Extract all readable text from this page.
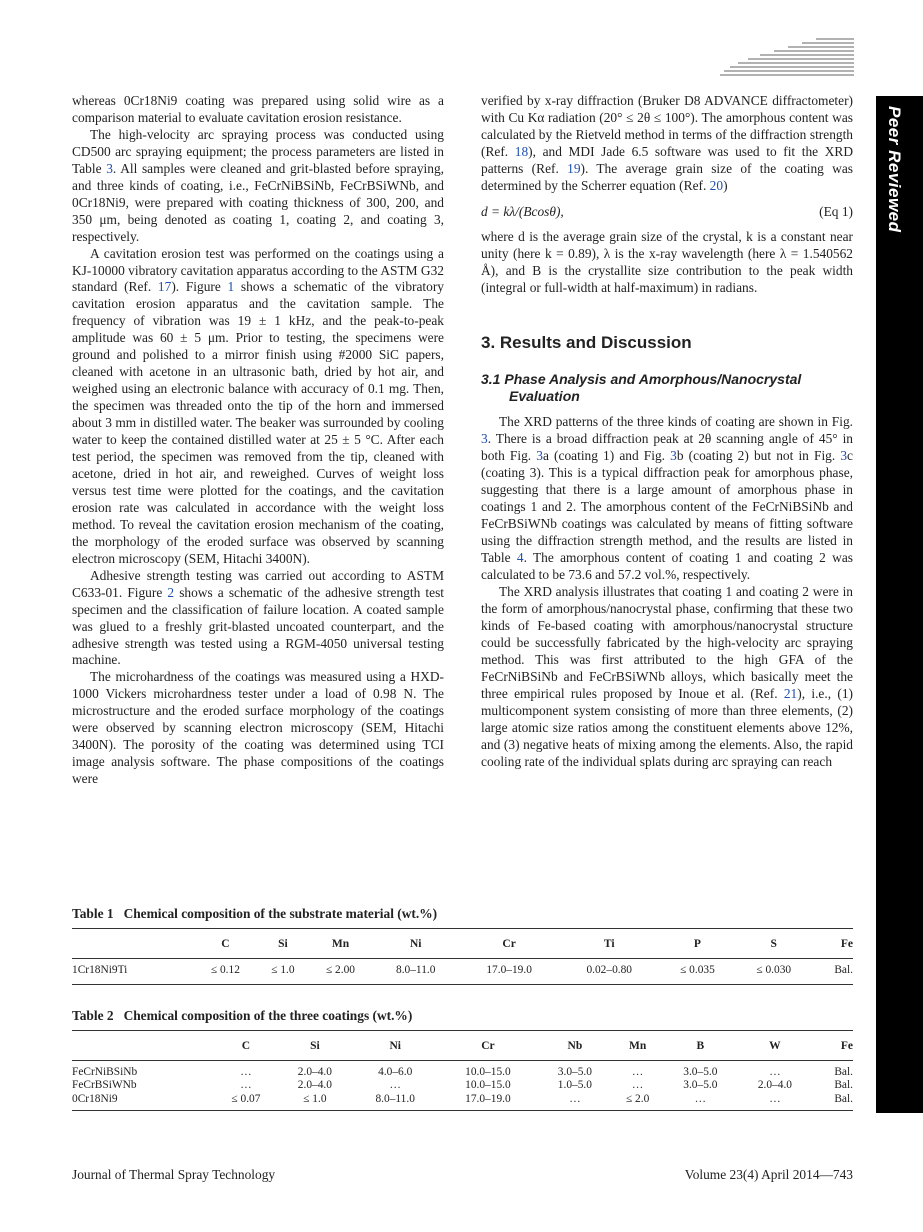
Peer Reviewed

whereas 0Cr18Ni9 coating was prepared using solid wire as a comparison material to evaluate cavitation erosion resistance.

The high-velocity arc spraying process was conducted using CD500 arc spraying equipment; the process parameters are listed in Table 3. All samples were cleaned and grit-blasted before spraying, and three kinds of coating, i.e., FeCrNiBSiNb, FeCrBSiWNb, and 0Cr18Ni9, were prepared with coating thickness of 300, 200, and 350 μm, being denoted as coating 1, coating 2, and coating 3, respectively.

A cavitation erosion test was performed on the coatings using a KJ-10000 vibratory cavitation apparatus according to the ASTM G32 standard (Ref. 17). Figure 1 shows a schematic of the vibratory cavitation erosion apparatus and the cavitation sample. The frequency of vibration was 19 ± 1 kHz, and the peak-to-peak amplitude was 60 ± 5 μm. Prior to testing, the specimens were ground and polished to a mirror finish using #2000 SiC papers, cleaned with acetone in an ultrasonic bath, dried by hot air, and weighed using an electronic balance with accuracy of 0.1 mg. Then, the specimen was threaded onto the tip of the horn and immersed about 3 mm in distilled water. The beaker was surrounded by cooling water to keep the contained distilled water at 25 ± 5 °C. After each test period, the specimen was removed from the tip, cleaned with acetone, dried in hot air, and reweighed. Curves of weight loss versus test time were plotted for the coatings, and the cavitation erosion rate was calculated in accordance with the weight loss method. To reveal the cavitation erosion mechanism of the coating, the morphology of the eroded surface was observed by scanning electron microscopy (SEM, Hitachi 3400N).

Adhesive strength testing was carried out according to ASTM C633-01. Figure 2 shows a schematic of the adhesive strength test specimen and the classification of failure location. A coated sample was glued to a freshly grit-blasted uncoated counterpart, and the adhesive strength was tested using a RGM-4050 universal testing machine.

The microhardness of the coatings was measured using a HXD-1000 Vickers microhardness tester under a load of 0.98 N. The microstructure and the eroded surface morphology of the coatings were observed by scanning electron microscopy (SEM, Hitachi 3400N). The porosity of the coating was determined using TCI image analysis software. The phase compositions of the coatings were

verified by x-ray diffraction (Bruker D8 ADVANCE diffractometer) with Cu Kα radiation (20° ≤ 2θ ≤ 100°). The amorphous content was calculated by the Rietveld method in terms of the diffraction strength (Ref. 18), and MDI Jade 6.5 software was used to fit the XRD patterns (Ref. 19). The average grain size of the coating was determined by the Scherrer equation (Ref. 20)

d = kλ/(Bcosθ),	(Eq 1)

where d is the average grain size of the crystal, k is a constant near unity (here k = 0.89), λ is the x-ray wavelength (here λ = 1.540562 Å), and B is the crystallite size contribution to the peak width (integral or full-width at half-maximum) in radians.

3. Results and Discussion
3.1 Phase Analysis and Amorphous/Nanocrystal Evaluation

The XRD patterns of the three kinds of coating are shown in Fig. 3. There is a broad diffraction peak at 2θ scanning angle of 45° in both Fig. 3a (coating 1) and Fig. 3b (coating 2) but not in Fig. 3c (coating 3). This is a typical diffraction peak for amorphous phase, suggesting that there is a large amount of amorphous phase in coatings 1 and 2. The amorphous content of the FeCrNiBSiNb and FeCrBSiWNb coatings was calculated by means of fitting software using the diffraction strength method, and the results are listed in Table 4. The amorphous content of coating 1 and coating 2 was calculated to be 73.6 and 57.2 vol.%, respectively.

The XRD analysis illustrates that coating 1 and coating 2 were in the form of amorphous/nanocrystal phase, confirming that these two kinds of Fe-based coating with amorphous/nanocrystal structure could be successfully fabricated by the high-velocity arc spraying method. This was first attributed to the high GFA of the FeCrNiBSiNb and FeCrBSiWNb alloys, which basically meet the three empirical rules proposed by Inoue et al. (Ref. 21), i.e., (1) multicomponent system consisting of more than three elements, (2) large atomic size ratios among the constituent elements above 12%, and (3) negative heats of mixing among the elements. Also, the rapid cooling rate of the individual splats during arc spraying can reach

Table 1 Chemical composition of the substrate material (wt.%)
	C	Si	Mn	Ni	Cr	Ti	P	S	Fe
1Cr18Ni9Ti	≤ 0.12	≤ 1.0	≤ 2.00	8.0–11.0	17.0–19.0	0.02–0.80	≤ 0.035	≤ 0.030	Bal.
Table 2 Chemical composition of the three coatings (wt.%)
	C	Si	Ni	Cr	Nb	Mn	B	W	Fe
FeCrNiBSiNb	…	2.0–4.0	4.0–6.0	10.0–15.0	3.0–5.0	…	3.0–5.0	…	Bal.
FeCrBSiWNb	…	2.0–4.0	…	10.0–15.0	1.0–5.0	…	3.0–5.0	2.0–4.0	Bal.
0Cr18Ni9	≤ 0.07	≤ 1.0	8.0–11.0	17.0–19.0	…	≤ 2.0	…	…	Bal.
Journal of Thermal Spray Technology	Volume 23(4) April 2014—743
